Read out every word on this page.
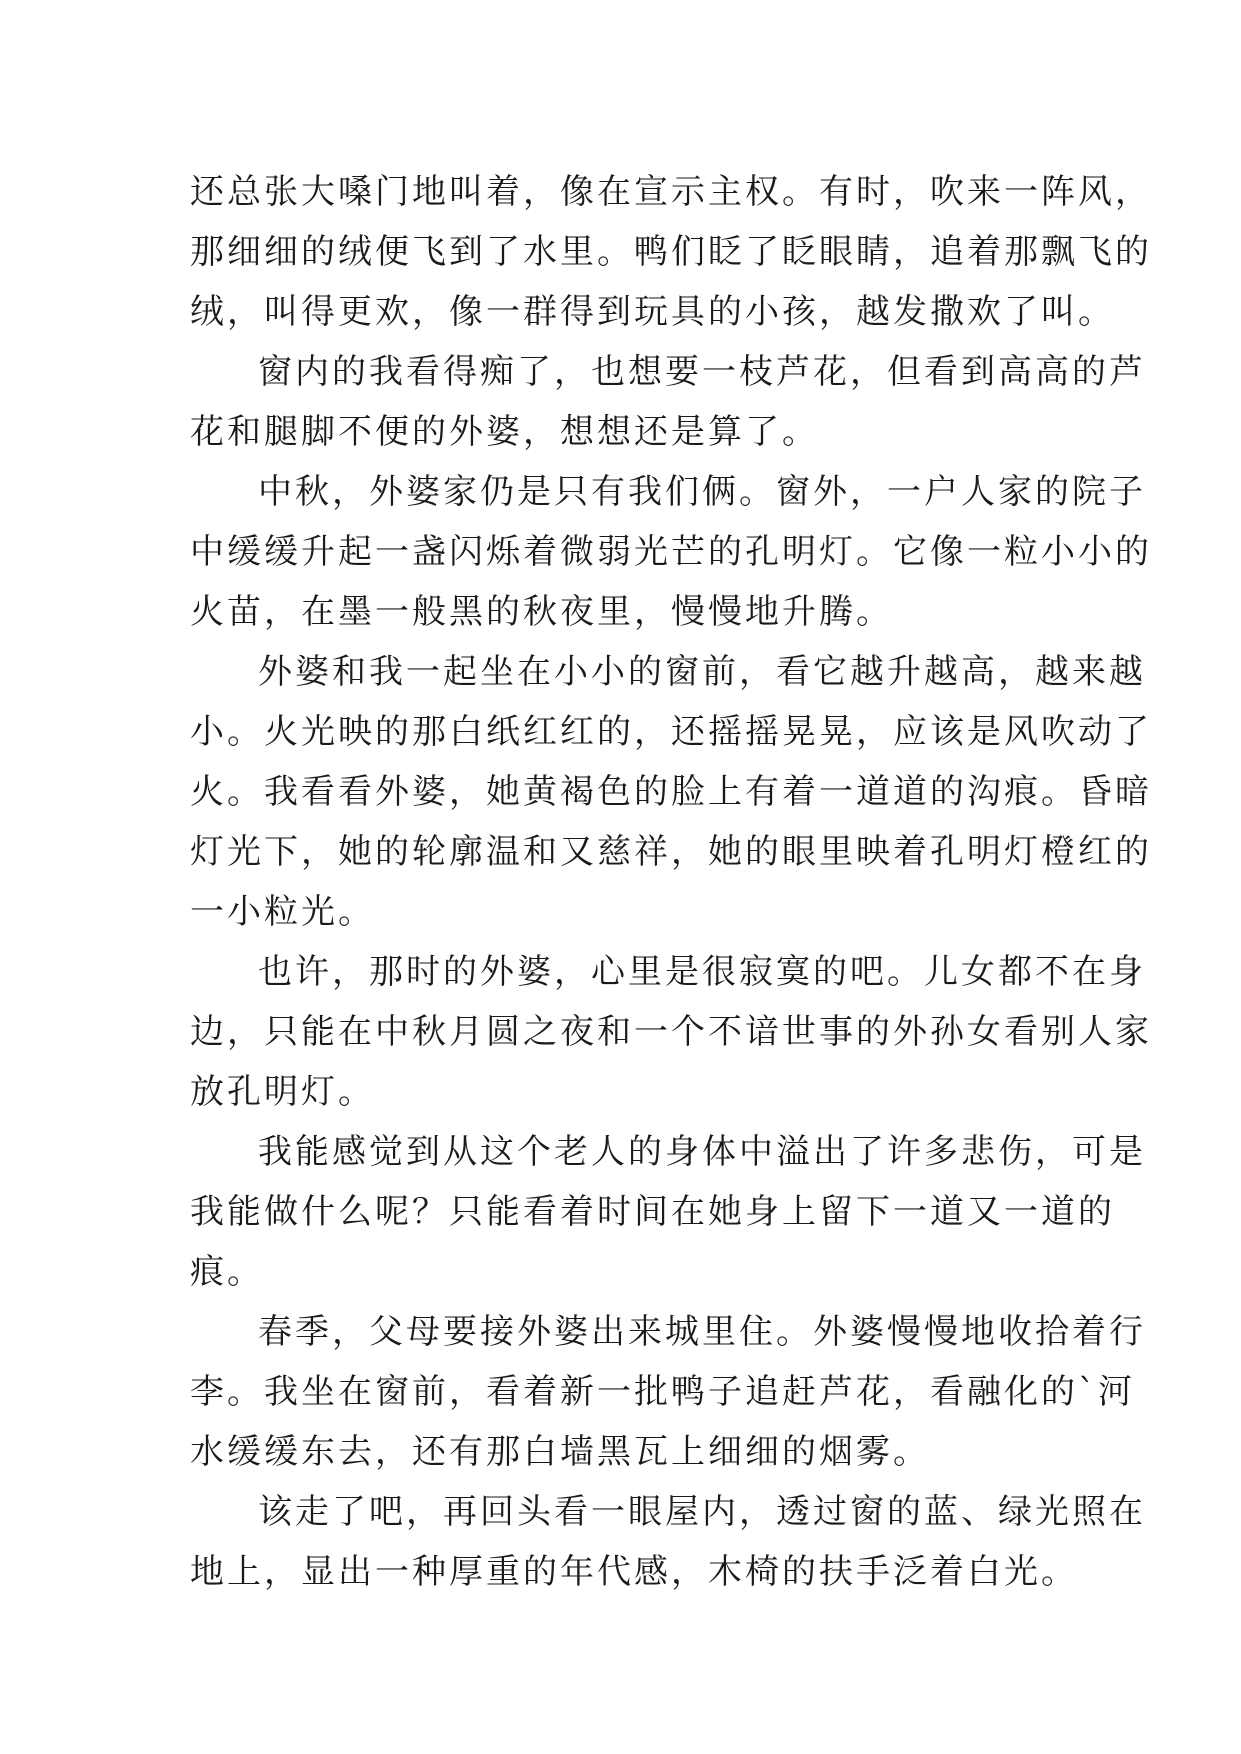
还总张大嗓门地叫着，像在宣示主权。有时，吹来一阵风，
那细细的绒便飞到了水里。鸭们眨了眨眼睛，追着那飘飞的
绒，叫得更欢，像一群得到玩具的小孩，越发撒欢了叫。
窗内的我看得痴了，也想要一枝芦花，但看到高高的芦
花和腿脚不便的外婆，想想还是算了。
中秋，外婆家仍是只有我们俩。窗外，一户人家的院子
中缓缓升起一盏闪烁着微弱光芒的孔明灯。它像一粒小小的
火苗，在墨一般黑的秋夜里，慢慢地升腾。
外婆和我一起坐在小小的窗前，看它越升越高，越来越
小。火光映的那白纸红红的，还摇摇晃晃，应该是风吹动了
火。我看看外婆，她黄褐色的脸上有着一道道的沟痕。昏暗
灯光下，她的轮廓温和又慈祥，她的眼里映着孔明灯橙红的
一小粒光。
也许，那时的外婆，心里是很寂寞的吧。儿女都不在身
边，只能在中秋月圆之夜和一个不谙世事的外孙女看别人家
放孔明灯。
我能感觉到从这个老人的身体中溢出了许多悲伤，可是
我能做什么呢？只能看着时间在她身上留下一道又一道的
痕。
春季，父母要接外婆出来城里住。外婆慢慢地收拾着行
李。我坐在窗前，看着新一批鸭子追赶芦花，看融化的`河
水缓缓东去，还有那白墙黑瓦上细细的烟雾。
该走了吧，再回头看一眼屋内，透过窗的蓝、绿光照在
地上，显出一种厚重的年代感，木椅的扶手泛着白光。
